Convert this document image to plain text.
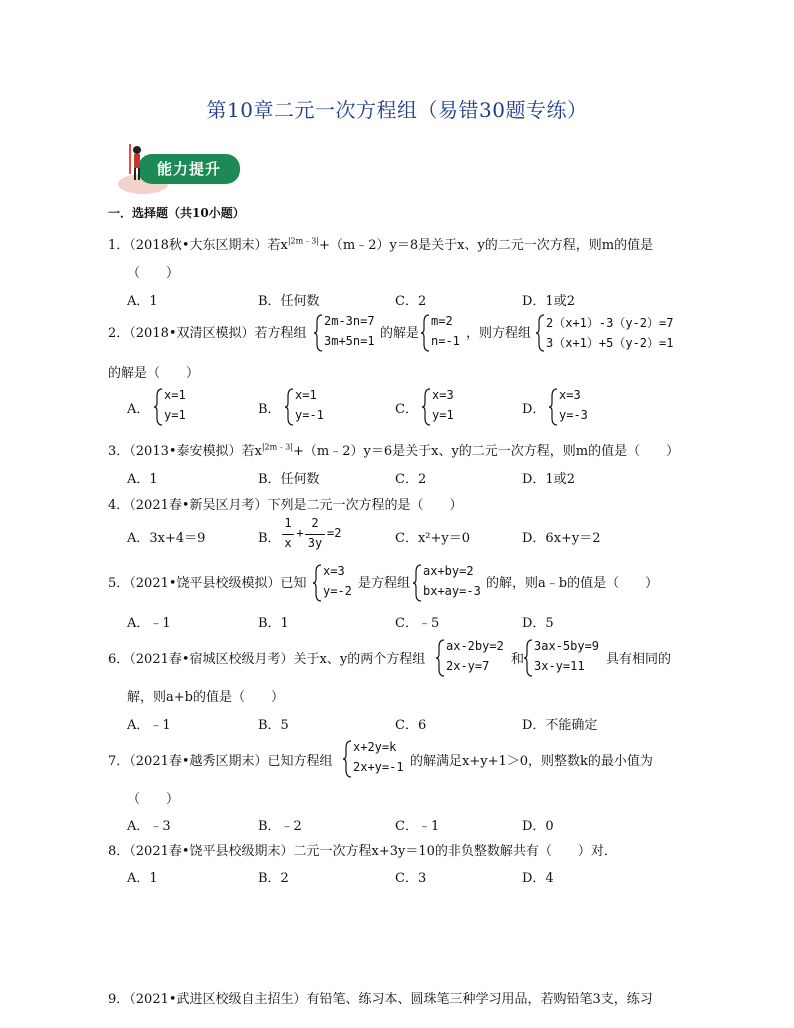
第10章二元一次方程组（易错30题专练）
能力提升
一．选择题（共10小题）
1．（2018秋•大东区期末）若$x^{|2m﹣3|}+(m﹣2)y=8$是关于x、y的二元一次方程，则m的值是
（　　）
A．1	B．任何数	C．2	D．1或2
2．（2018•双清区模拟）若方程组
2m-3n=7
3m+5n=1 的解是
m=2
n=-1 ，则方程组
2（x+1）-3（y-2）=7
3（x+1）+5（y-2）=1
的解是（　　）
A．
x=1
y=1	B．
x=1
y=-1	C．
x=3
y=1	D．
x=3
y=-3
3．（2013•泰安模拟）若$x^{|2m﹣3|}+(m﹣2)y=6$是关于x、y的二元一次方程，则m的值是（　　）
A．1	B．任何数	C．2	D．1或2
4．（2021春•新吴区月考）下列是二元一次方程的是（　　）
A．3x+4＝9	B．
1
x
+
2
3y
=2	C．x²+y＝0	D．6x+y＝2
5．（2021•饶平县校级模拟）已知
x=3
y=-2 是方程组
ax+by=2
bx+ay=-3 的解，则a﹣b的值是（　　）
A．﹣1	B．1	C．﹣5	D．5
6．（2021春•宿城区校级月考）关于x、y的两个方程组
ax-2by=2
2x-y=7 和
3ax-5by=9
3x-y=11 具有相同的
解，则a+b的值是（　　）
A．﹣1	B．5	C．6	D．不能确定
7．（2021春•越秀区期末）已知方程组
x+2y=k
2x+y=-1 的解满足x+y+1＞0，则整数k的最小值为
（　　）
A．﹣3	B．﹣2	C．﹣1	D．0
8．（2021春•饶平县校级期末）二元一次方程x+3y＝10的非负整数解共有（　　）对．
A．1	B．2	C．3	D．4
9．（2021•武进区校级自主招生）有铅笔、练习本、圆珠笔三种学习用品，若购铅笔3支，练习
